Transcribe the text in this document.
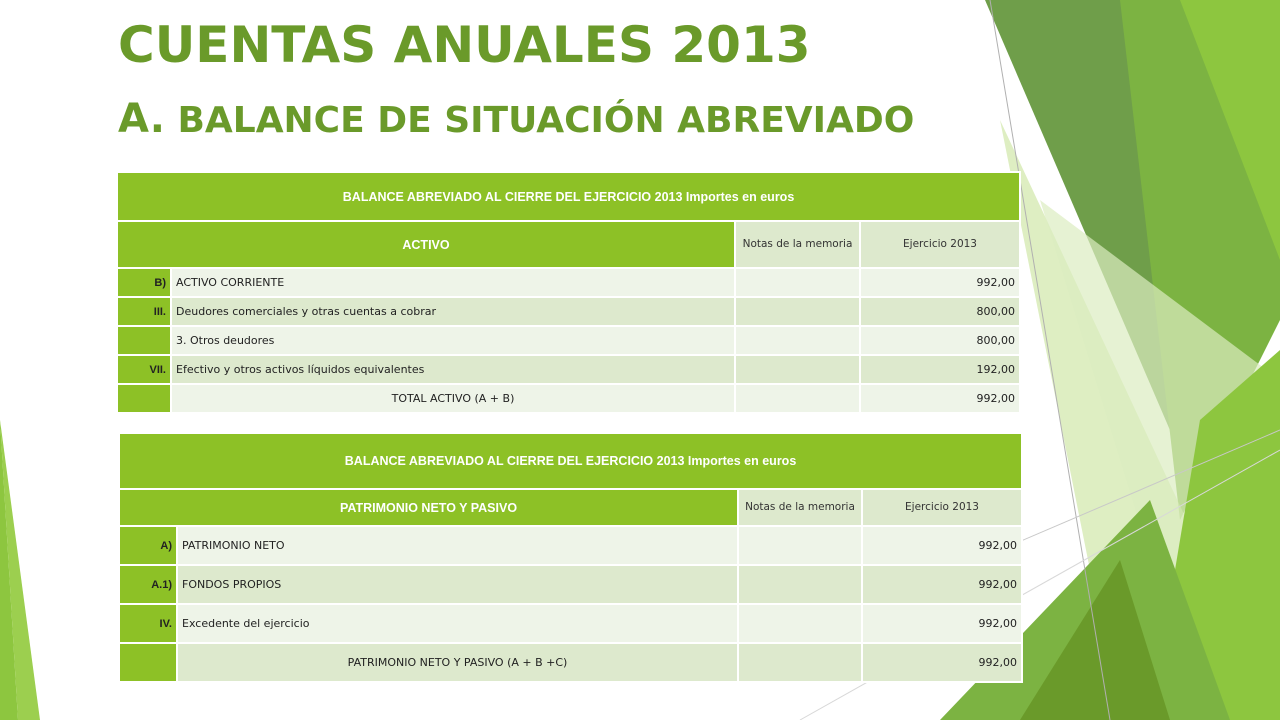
CUENTAS ANUALES 2013
A. BALANCE DE SITUACIÓN ABREVIADO
BALANCE ABREVIADO AL CIERRE DEL EJERCICIO 2013 Importes en euros			
ACTIVO		Notas de la memoria	Ejercicio 2013
B)	ACTIVO CORRIENTE		992,00
III.	Deudores comerciales y otras cuentas a cobrar		800,00
	3. Otros deudores		800,00
VII.	Efectivo y otros activos líquidos equivalentes		192,00
	TOTAL ACTIVO (A + B)		992,00
BALANCE ABREVIADO AL CIERRE DEL EJERCICIO 2013 Importes en euros			
PATRIMONIO NETO Y PASIVO		Notas de la memoria	Ejercicio 2013
A)	PATRIMONIO NETO		992,00
A.1)	FONDOS PROPIOS		992,00
IV.	Excedente del ejercicio		992,00
	PATRIMONIO NETO Y PASIVO (A + B +C)		992,00
